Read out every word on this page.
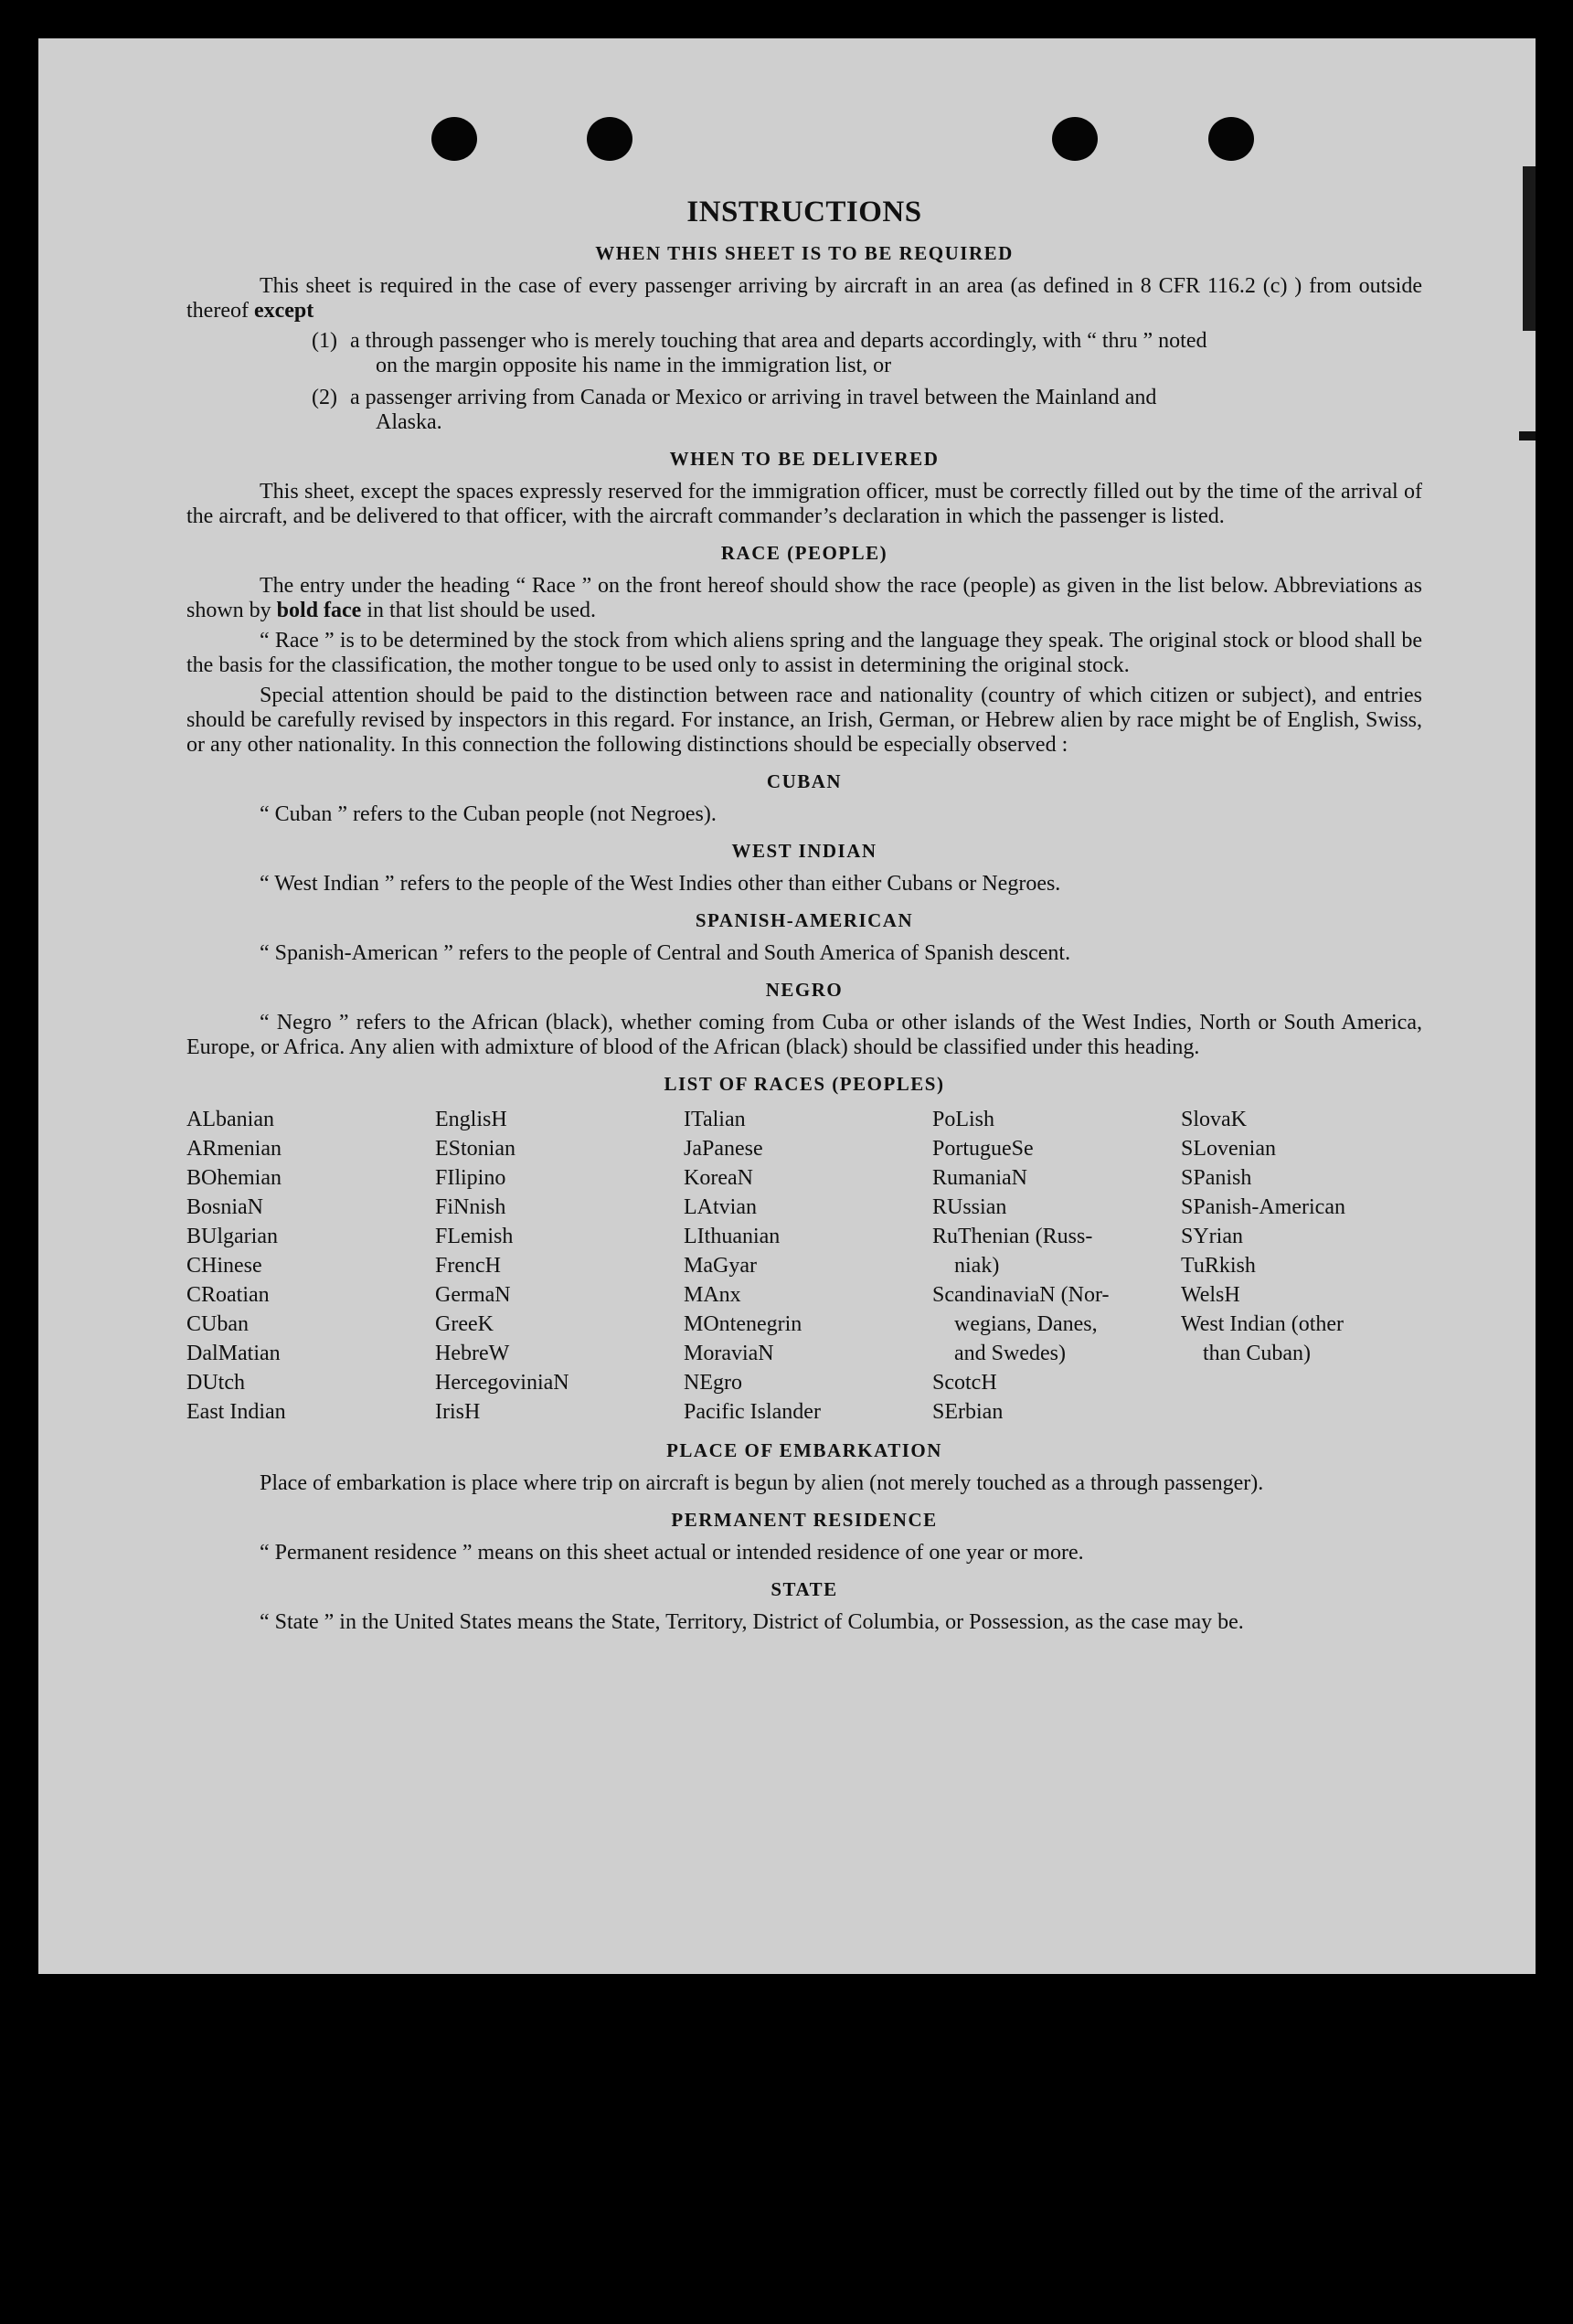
INSTRUCTIONS
WHEN THIS SHEET IS TO BE REQUIRED

This sheet is required in the case of every passenger arriving by aircraft in an area (as defined in 8 CFR 116.2 (c) ) from outside thereof except

(1) a through passenger who is merely touching that area and departs accordingly, with “ thru ” noted
on the margin opposite his name in the immigration list, or
(2) a passenger arriving from Canada or Mexico or arriving in travel between the Mainland and
Alaska.
WHEN TO BE DELIVERED

This sheet, except the spaces expressly reserved for the immigration officer, must be correctly filled out by the time of the arrival of the aircraft, and be delivered to that officer, with the aircraft commander’s declaration in which the passenger is listed.

RACE (PEOPLE)

The entry under the heading “ Race ” on the front hereof should show the race (people) as given in the list below. Abbreviations as shown by bold face in that list should be used.

“ Race ” is to be determined by the stock from which aliens spring and the language they speak. The original stock or blood shall be the basis for the classification, the mother tongue to be used only to assist in determining the original stock.

Special attention should be paid to the distinction between race and nationality (country of which citizen or subject), and entries should be carefully revised by inspectors in this regard. For instance, an Irish, German, or Hebrew alien by race might be of English, Swiss, or any other nationality. In this connection the following distinctions should be especially observed :

CUBAN

“ Cuban ” refers to the Cuban people (not Negroes).

WEST INDIAN

“ West Indian ” refers to the people of the West Indies other than either Cubans or Negroes.

SPANISH-AMERICAN

“ Spanish-American ” refers to the people of Central and South America of Spanish descent.

NEGRO

“ Negro ” refers to the African (black), whether coming from Cuba or other islands of the West Indies, North or South America, Europe, or Africa. Any alien with admixture of blood of the African (black) should be classified under this heading.

LIST OF RACES (PEOPLES)
ALbanian
ARmenian
BOhemian
BosniaN
BUlgarian
CHinese
CRoatian
CUban
DalMatian
DUtch
East Indian
EnglisH
EStonian
FIlipino
FiNnish
FLemish
FrencH
GermaN
GreeK
HebreW
HercegoviniaN
IrisH
ITalian
JaPanese
KoreaN
LAtvian
LIthuanian
MaGyar
MAnx
MOntenegrin
MoraviaN
NEgro
Pacific Islander
PoLish
PortugueSe
RumaniaN
RUssian
RuThenian (Russ-
niak)
ScandinaviaN (Nor-
wegians, Danes,
and Swedes)
ScotcH
SErbian
SlovaK
SLovenian
SPanish
SPanish-American
SYrian
TuRkish
WelsH
West Indian (other
than Cuban)
PLACE OF EMBARKATION

Place of embarkation is place where trip on aircraft is begun by alien (not merely touched as a through passenger).

PERMANENT RESIDENCE

“ Permanent residence ” means on this sheet actual or intended residence of one year or more.

STATE

“ State ” in the United States means the State, Territory, District of Columbia, or Possession, as the case may be.
